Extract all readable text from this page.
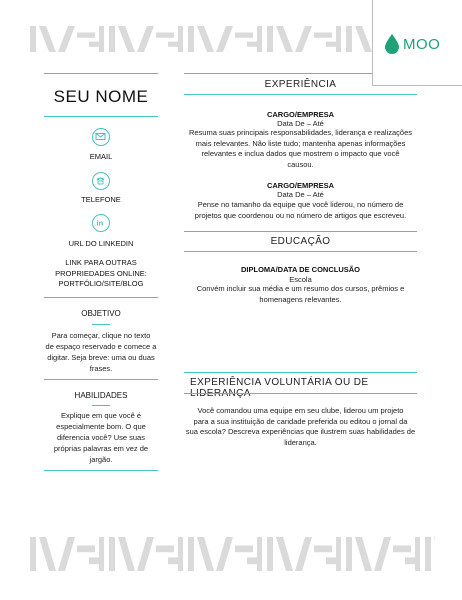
MOO
SEU NOME
EMAIL
TELEFONE
in
URL DO LINKEDIN
LINK PARA OUTRAS
PROPRIEDADES ONLINE:
PORTFÓLIO/SITE/BLOG
OBJETIVO
Para começar, clique no texto
de espaço reservado e comece a
digitar. Seja breve: uma ou duas
frases.
HABILIDADES
Explique em que você é
especialmente bom. O que
diferencia você? Use suas
próprias palavras em vez de
jargão.
EXPERIÊNCIA
CARGO/EMPRESA
Data De – Até
Resuma suas principais responsabilidades, liderança e realizações
mais relevantes. Não liste tudo; mantenha apenas informações
relevantes e inclua dados que mostrem o impacto que você
causou.
CARGO/EMPRESA
Data De – Até
Pense no tamanho da equipe que você liderou, no número de
projetos que coordenou ou no número de artigos que escreveu.
EDUCAÇÃO
DIPLOMA/DATA DE CONCLUSÃO
Escola
Convém incluir sua média e um resumo dos cursos, prêmios e
homenagens relevantes.
EXPERIÊNCIA VOLUNTÁRIA OU DE
Você comandou uma equipe em seu clube, liderou um projeto
para a sua instituição de caridade preferida ou editou o jornal da
sua escola? Descreva experiências que ilustrem suas habilidades de
liderança.
